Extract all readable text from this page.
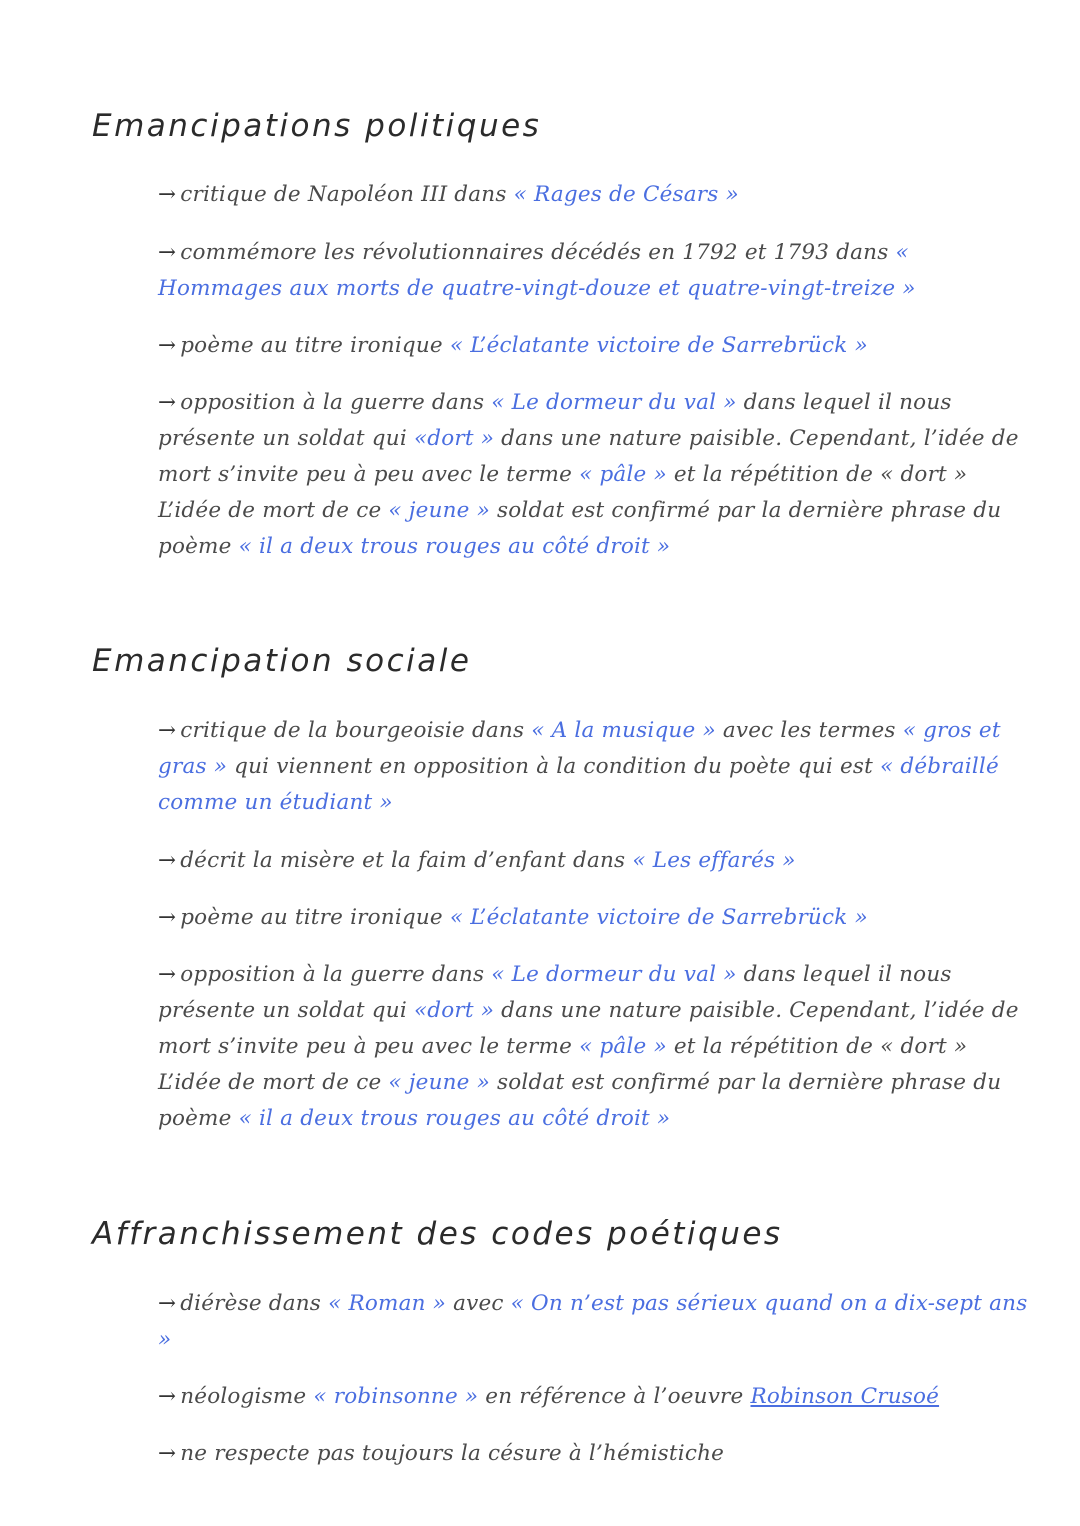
Emancipations politiques

→ critique de Napoléon III dans « Rages de Césars »

→ commémore les révolutionnaires décédés en 1792 et 1793 dans « Hommages aux morts de quatre-vingt-douze et quatre-vingt-treize »

→ poème au titre ironique « L’éclatante victoire de Sarrebrück »

→ opposition à la guerre dans « Le dormeur du val » dans lequel il nous présente un soldat qui «dort » dans une nature paisible. Cependant, l’idée de mort s’invite peu à peu avec le terme « pâle » et la répétition de « dort » L’idée de mort de ce « jeune » soldat est confirmé par la dernière phrase du poème « il a deux trous rouges au côté droit »

Emancipation sociale

→ critique de la bourgeoisie dans « A la musique » avec les termes « gros et gras » qui viennent en opposition à la condition du poète qui est « débraillé comme un étudiant »

→ décrit la misère et la faim d’enfant dans « Les effarés »

→ poème au titre ironique « L’éclatante victoire de Sarrebrück »

→ opposition à la guerre dans « Le dormeur du val » dans lequel il nous présente un soldat qui «dort » dans une nature paisible. Cependant, l’idée de mort s’invite peu à peu avec le terme « pâle » et la répétition de « dort » L’idée de mort de ce « jeune » soldat est confirmé par la dernière phrase du poème « il a deux trous rouges au côté droit »

Affranchissement des codes poétiques

→ diérèse dans « Roman » avec « On n’est pas sérieux quand on a dix-sept ans »

→ néologisme « robinsonne » en référence à l’oeuvre Robinson Crusoé

→ ne respecte pas toujours la césure à l’hémistiche
